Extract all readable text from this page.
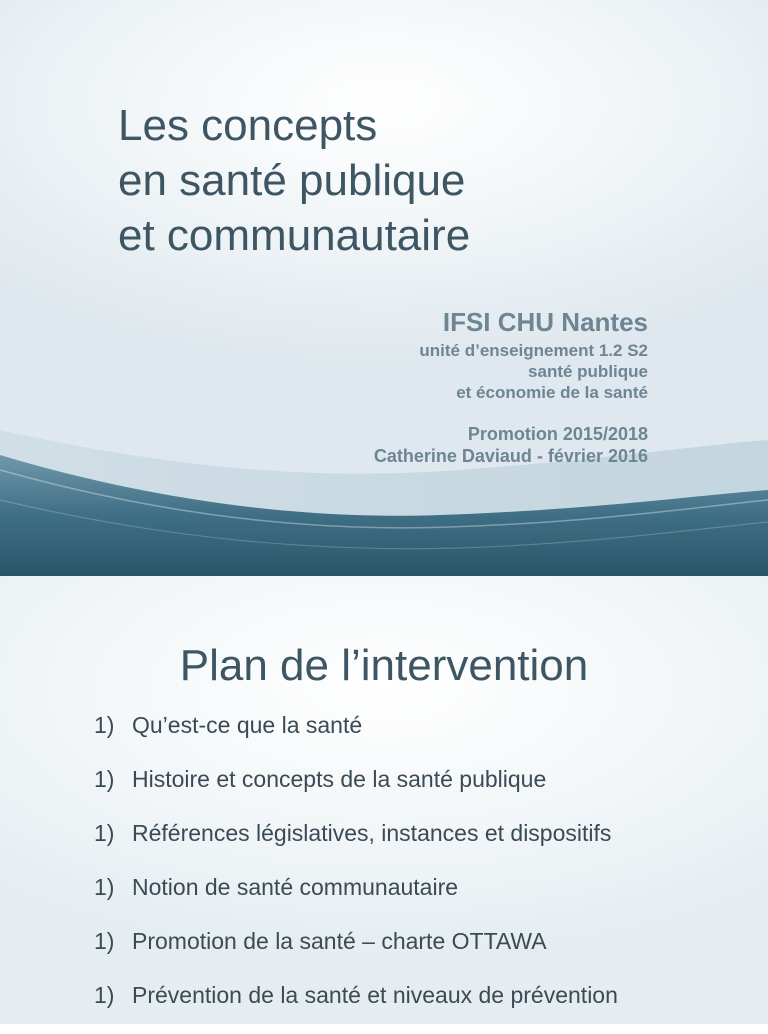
Les concepts
en santé publique
et communautaire
IFSI CHU Nantes
unité d’enseignement 1.2 S2
santé publique
et économie de la santé
Promotion 2015/2018
Catherine Daviaud - février 2016
Plan de l’intervention
1) Qu’est-ce que la santé
1) Histoire et concepts de la santé publique
1) Références législatives, instances et dispositifs
1) Notion de santé communautaire
1) Promotion de la santé – charte OTTAWA
1) Prévention de la santé et niveaux de prévention
